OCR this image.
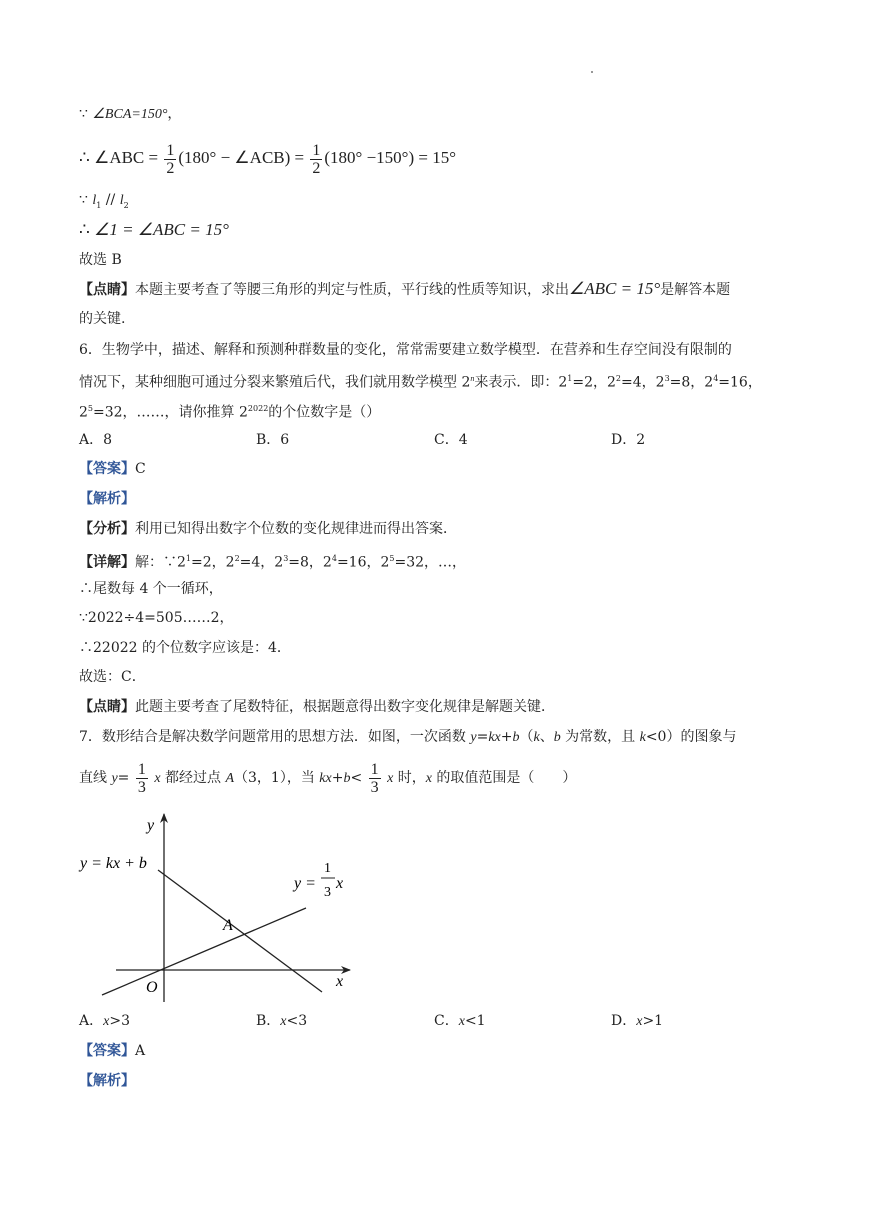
∵ ∠BCA=150°，
∴ ∠ABC = $\frac{1}{2} (180^\circ$ − ∠ACB) = $\frac{1}{2} (180^\circ -150^\circ) = 15^\circ$
∵ $l_1 // l_2$
∴ ∠1 = ∠ABC = 15°
故选 B
【点睛】本题主要考查了等腰三角形的判定与性质，平行线的性质等知识，求出∠ABC = 15°是解答本题
的关键.
6．生物学中，描述、解释和预测种群数量的变化，常常需要建立数学模型．在营养和生存空间没有限制的
情况下，某种细胞可通过分裂来繁殖后代，我们就用数学模型 2$^n$来表示．即：$2^1=2$，$2^2=4$，$2^3=8$，$2^4=16$，
$2^5=32$，……，请你推算 $2^{2022}$的个位数字是（）
A．8	B．6	C．4	D．2
【答案】C
【解析】
【分析】利用已知得出数字个位数的变化规律进而得出答案．
【详解】解：$\because 2^1=2$，$2^2=4$，$2^3=8$，$2^4=16$，$2^5=32$，…，
∴尾数每 4 个一循环，
∵2022÷4=505……2，
∴22022 的个位数字应该是：4．
故选：C．
【点睛】此题主要考查了尾数特征，根据题意得出数字变化规律是解题关键．
7．数形结合是解决数学问题常用的思想方法．如图，一次函数 y=kx+b（k、b 为常数，且 k<0）的图象与
直线 $y= \frac{1}{3}$ x 都经过点 A（3，1），当 $kx+b< \frac{1}{3}$ x 时，x 的取值范围是（　　）
y
x
O
A
y = kx + b
y =
1
3
x
A．x>3	B．x<3	C．x<1	D．x>1
【答案】A
【解析】
